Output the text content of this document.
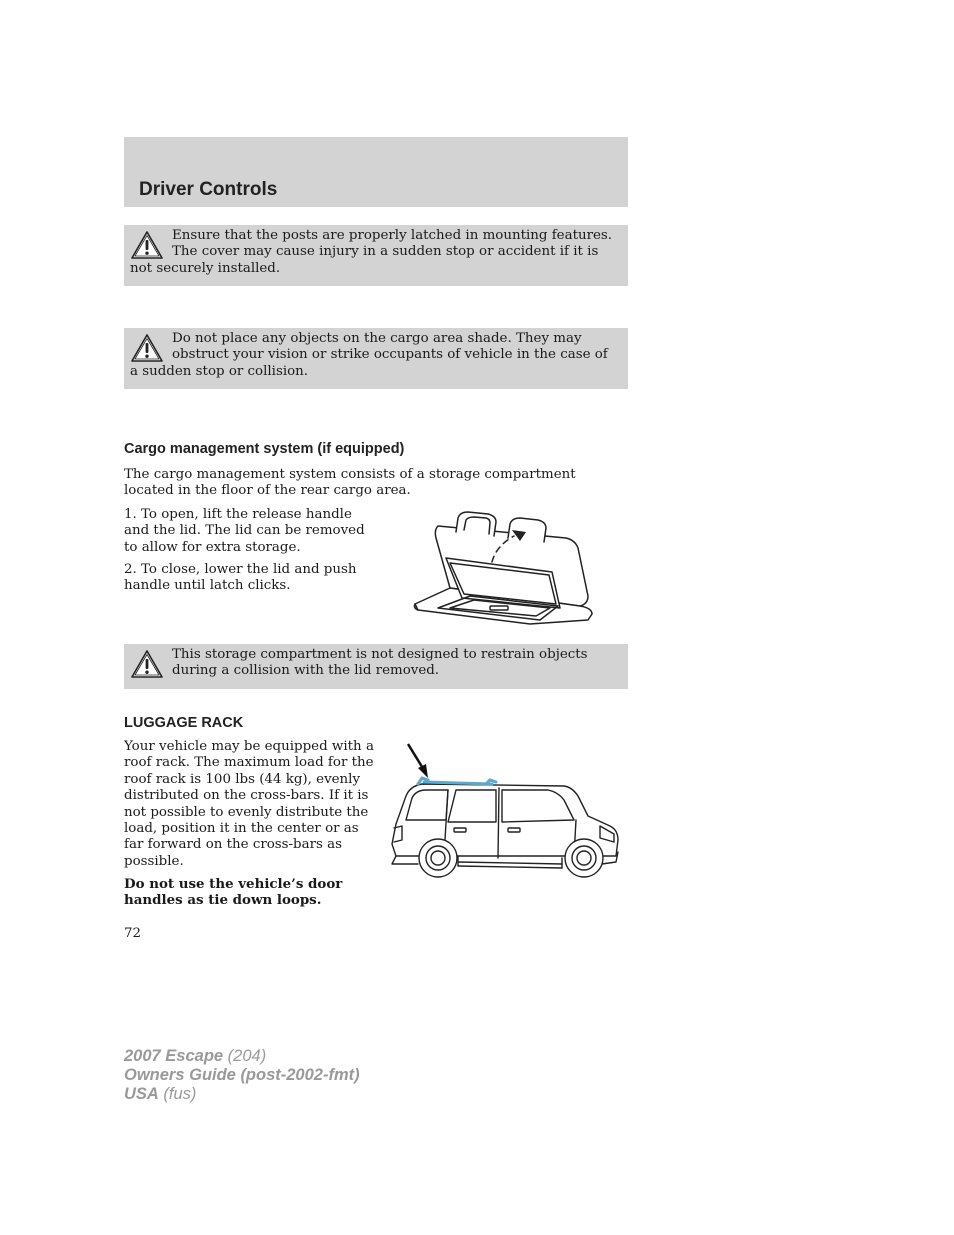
Driver Controls

Ensure that the posts are properly latched in mounting features. The cover may cause injury in a sudden stop or accident if it is not securely installed.

Do not place any objects on the cargo area shade. They may obstruct your vision or strike occupants of vehicle in the case of a sudden stop or collision.

Cargo management system (if equipped)

The cargo management system consists of a storage compartment located in the floor of the rear cargo area.

1. To open, lift the release handle and the lid. The lid can be removed to allow for extra storage.

2. To close, lower the lid and push handle until latch clicks.

This storage compartment is not designed to restrain objects during a collision with the lid removed.

LUGGAGE RACK

Your vehicle may be equipped with a roof rack. The maximum load for the roof rack is 100 lbs (44 kg), evenly distributed on the cross-bars. If it is not possible to evenly distribute the load, position it in the center or as far forward on the cross-bars as possible.

Do not use the vehicle’s door handles as tie down loops.

72
2007 Escape (204)
Owners Guide (post-2002-fmt)
USA (fus)
